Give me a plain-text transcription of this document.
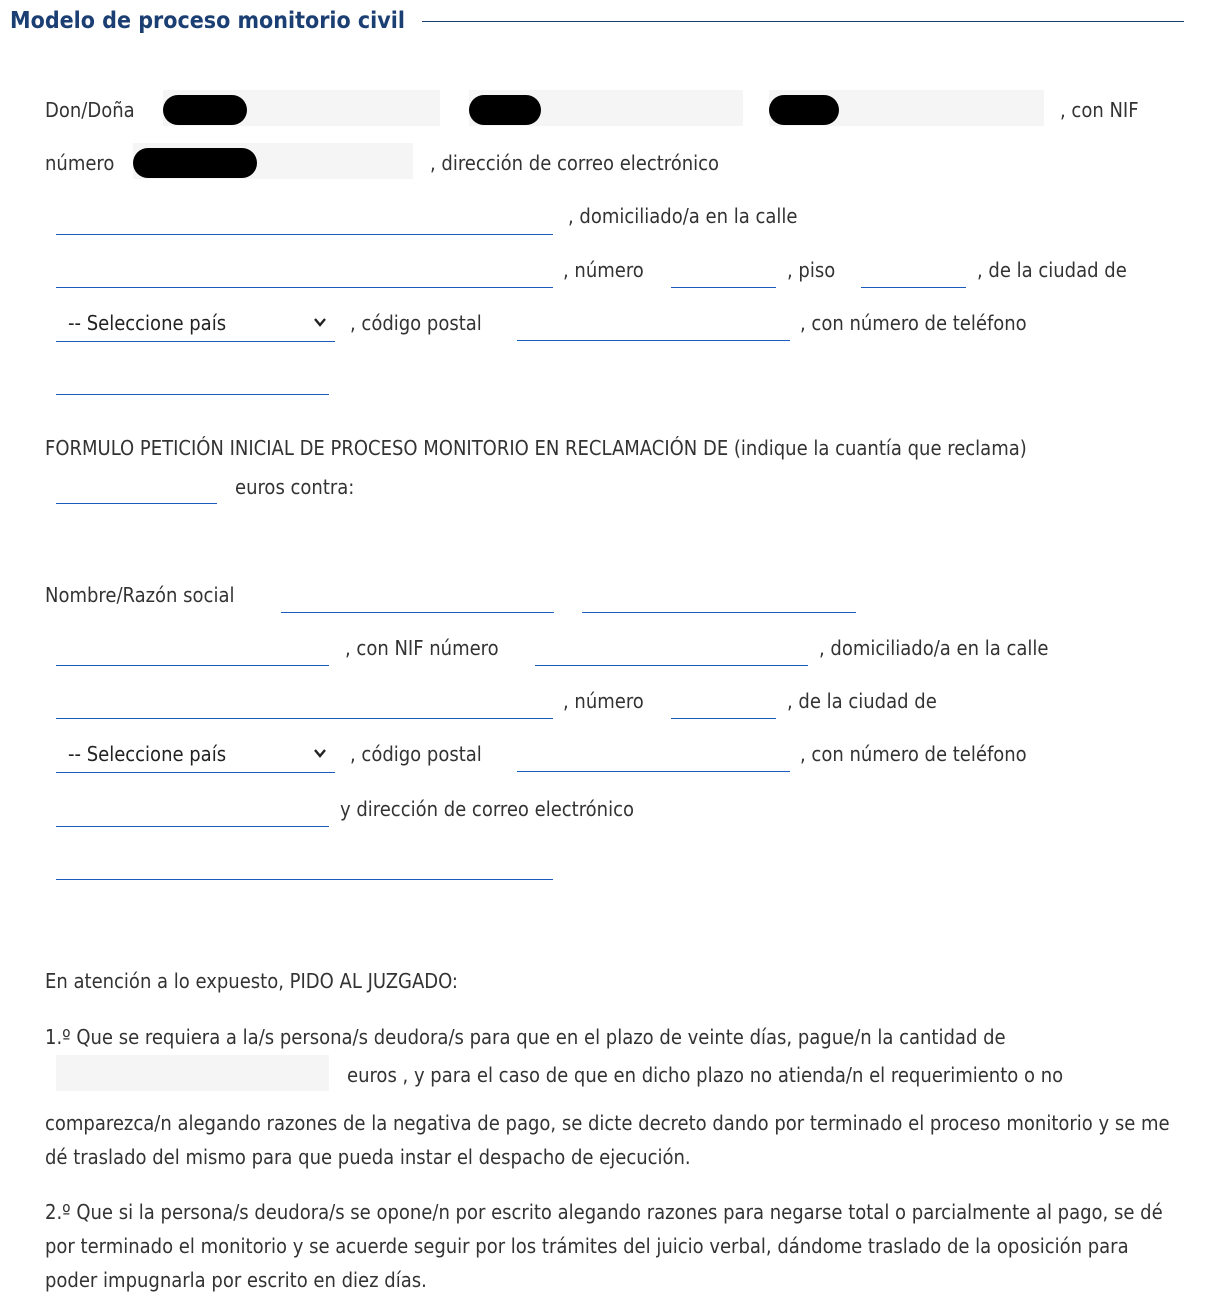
Modelo de proceso monitorio civil
Don/Doña	, con NIF
número	, dirección de correo electrónico
, domiciliado/a en la calle
, número	, piso	, de la ciudad de
-- Seleccione país	, código postal	, con número de teléfono
FORMULO PETICIÓN INICIAL DE PROCESO MONITORIO EN RECLAMACIÓN DE (indique la cuantía que reclama)
euros contra:
Nombre/Razón social
, con NIF número	, domiciliado/a en la calle
, número	, de la ciudad de
-- Seleccione país	, código postal	, con número de teléfono
y dirección de correo electrónico
En atención a lo expuesto, PIDO AL JUZGADO:
1.º Que se requiera a la/s persona/s deudora/s para que en el plazo de veinte días, pague/n la cantidad de
euros , y para el caso de que en dicho plazo no atienda/n el requerimiento o no
comparezca/n alegando razones de la negativa de pago, se dicte decreto dando por terminado el proceso monitorio y se me dé traslado del mismo para que pueda instar el despacho de ejecución.
2.º Que si la persona/s deudora/s se opone/n por escrito alegando razones para negarse total o parcialmente al pago, se dé por terminado el monitorio y se acuerde seguir por los trámites del juicio verbal, dándome traslado de la oposición para poder impugnarla por escrito en diez días.
